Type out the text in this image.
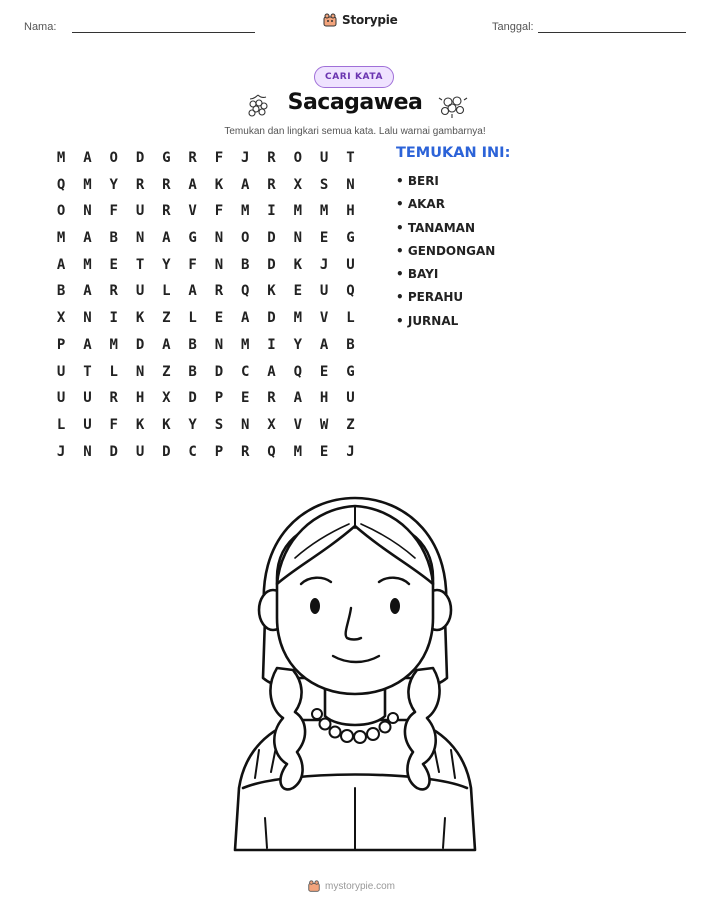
Nama:	Storypie	Tanggal:
CARI KATA
Sacagawea
Temukan dan lingkari semua kata. Lalu warnai gambarnya!
M	A	O	D	G	R	F	J	R	O	U	T
Q	M	Y	R	R	A	K	A	R	X	S	N
O	N	F	U	R	V	F	M	I	M	M	H
M	A	B	N	A	G	N	O	D	N	E	G
A	M	E	T	Y	F	N	B	D	K	J	U
B	A	R	U	L	A	R	Q	K	E	U	Q
X	N	I	K	Z	L	E	A	D	M	V	L
P	A	M	D	A	B	N	M	I	Y	A	B
U	T	L	N	Z	B	D	C	A	Q	E	G
U	U	R	H	X	D	P	E	R	A	H	U
L	U	F	K	K	Y	S	N	X	V	W	Z
J	N	D	U	D	C	P	R	Q	M	E	J
TEMUKAN INI:
• BERI
• AKAR
• TANAMAN
• GENDONGAN
• BAYI
• PERAHU
• JURNAL
mystorypie.com
